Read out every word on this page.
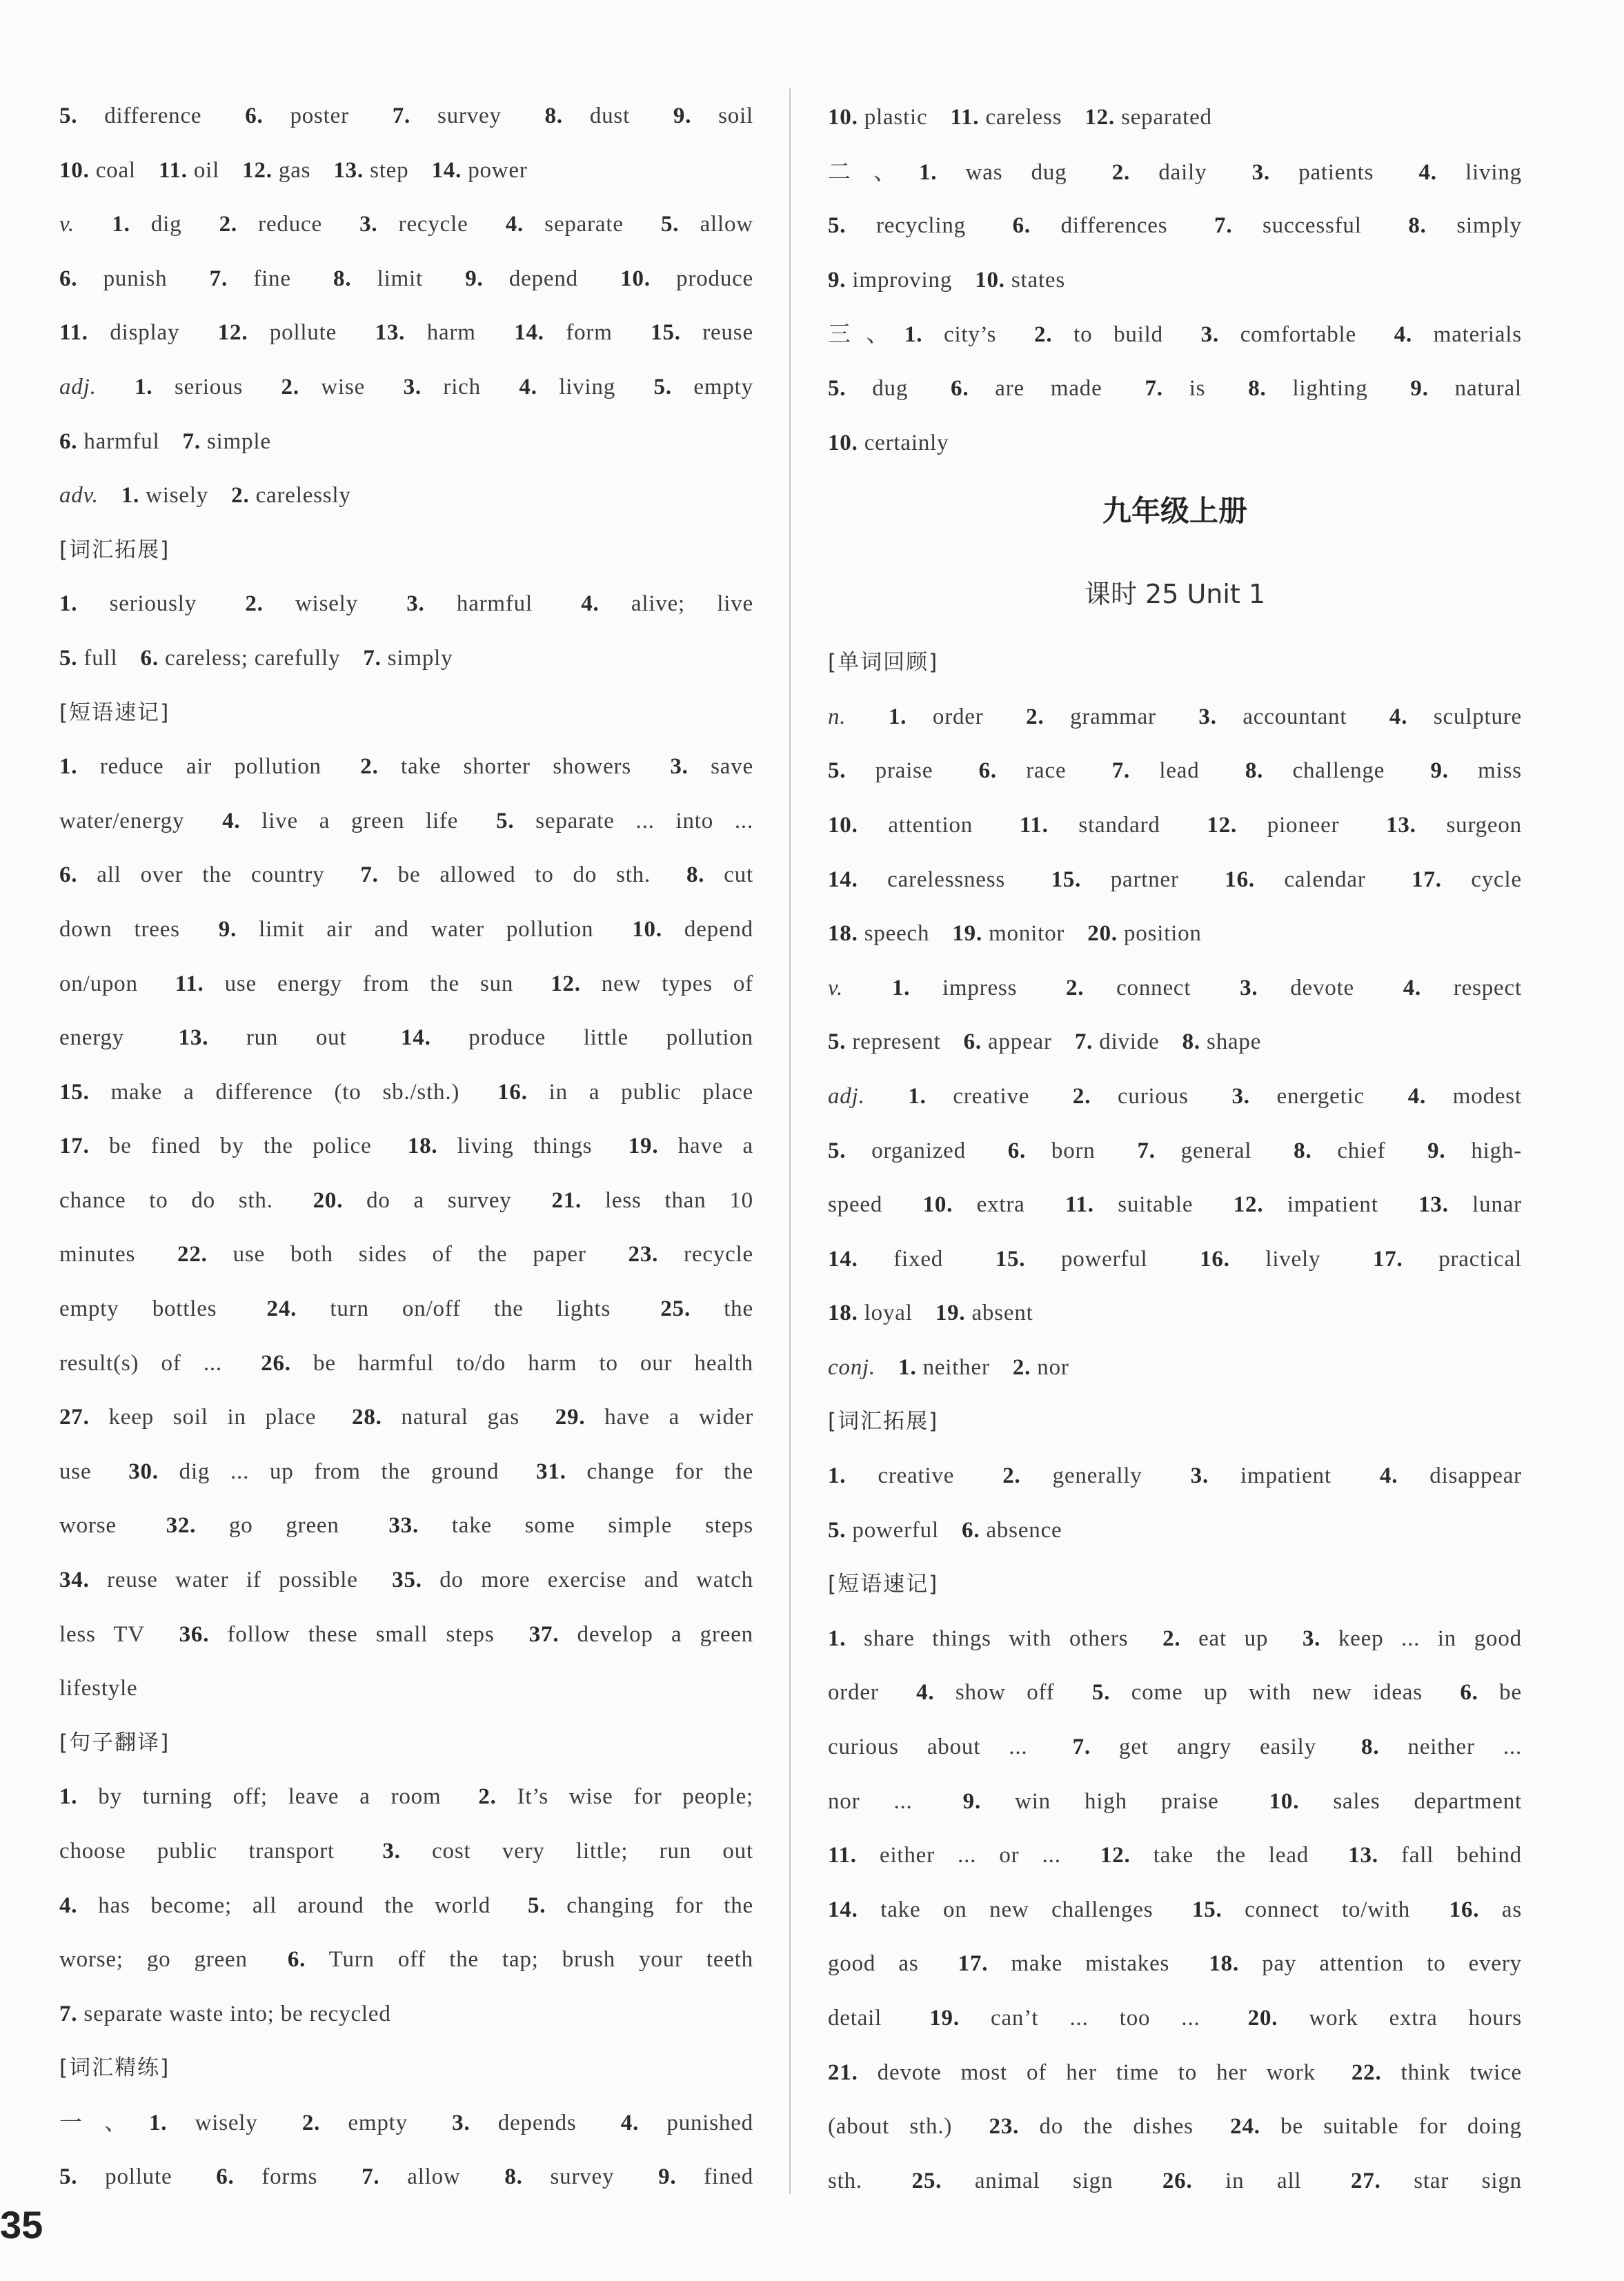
5. difference 6. poster 7. survey 8. dust 9. soil
10. coal 11. oil 12. gas 13. step 14. power
v. 1. dig 2. reduce 3. recycle 4. separate 5. allow
6. punish 7. fine 8. limit 9. depend 10. produce
11. display 12. pollute 13. harm 14. form 15. reuse
adj. 1. serious 2. wise 3. rich 4. living 5. empty
6. harmful 7. simple
adv. 1. wisely 2. carelessly
[词汇拓展]
1. seriously 2. wisely 3. harmful 4. alive; live
5. full 6. careless; carefully 7. simply
[短语速记]
1. reduce air pollution 2. take shorter showers 3. save
water/energy 4. live a green life 5. separate ... into ...
6. all over the country 7. be allowed to do sth. 8. cut
down trees 9. limit air and water pollution 10. depend
on/upon 11. use energy from the sun 12. new types of
energy 13. run out 14. produce little pollution
15. make a difference (to sb./sth.) 16. in a public place
17. be fined by the police 18. living things 19. have a
chance to do sth. 20. do a survey 21. less than 10
minutes 22. use both sides of the paper 23. recycle
empty bottles 24. turn on/off the lights 25. the
result(s) of ... 26. be harmful to/do harm to our health
27. keep soil in place 28. natural gas 29. have a wider
use 30. dig ... up from the ground 31. change for the
worse 32. go green 33. take some simple steps
34. reuse water if possible 35. do more exercise and watch
less TV 36. follow these small steps 37. develop a green
lifestyle
[句子翻译]
1. by turning off; leave a room 2. It’s wise for people;
choose public transport 3. cost very little; run out
4. has become; all around the world 5. changing for the
worse; go green 6. Turn off the tap; brush your teeth
7. separate waste into; be recycled
[词汇精练]
一、1. wisely 2. empty 3. depends 4. punished
5. pollute 6. forms 7. allow 8. survey 9. fined
10. plastic 11. careless 12. separated
二、1. was dug 2. daily 3. patients 4. living
5. recycling 6. differences 7. successful 8. simply
9. improving 10. states
三、1. city’s 2. to build 3. comfortable 4. materials
5. dug 6. are made 7. is 8. lighting 9. natural
10. certainly
九年级上册
课时 25 Unit 1
[单词回顾]
n. 1. order 2. grammar 3. accountant 4. sculpture
5. praise 6. race 7. lead 8. challenge 9. miss
10. attention 11. standard 12. pioneer 13. surgeon
14. carelessness 15. partner 16. calendar 17. cycle
18. speech 19. monitor 20. position
v. 1. impress 2. connect 3. devote 4. respect
5. represent 6. appear 7. divide 8. shape
adj. 1. creative 2. curious 3. energetic 4. modest
5. organized 6. born 7. general 8. chief 9. high-
speed 10. extra 11. suitable 12. impatient 13. lunar
14. fixed 15. powerful 16. lively 17. practical
18. loyal 19. absent
conj. 1. neither 2. nor
[词汇拓展]
1. creative 2. generally 3. impatient 4. disappear
5. powerful 6. absence
[短语速记]
1. share things with others 2. eat up 3. keep ... in good
order 4. show off 5. come up with new ideas 6. be
curious about ... 7. get angry easily 8. neither ...
nor ... 9. win high praise 10. sales department
11. either ... or ... 12. take the lead 13. fall behind
14. take on new challenges 15. connect to/with 16. as
good as 17. make mistakes 18. pay attention to every
detail 19. can’t ... too ... 20. work extra hours
21. devote most of her time to her work 22. think twice
(about sth.) 23. do the dishes 24. be suitable for doing
sth. 25. animal sign 26. in all 27. star sign
35
